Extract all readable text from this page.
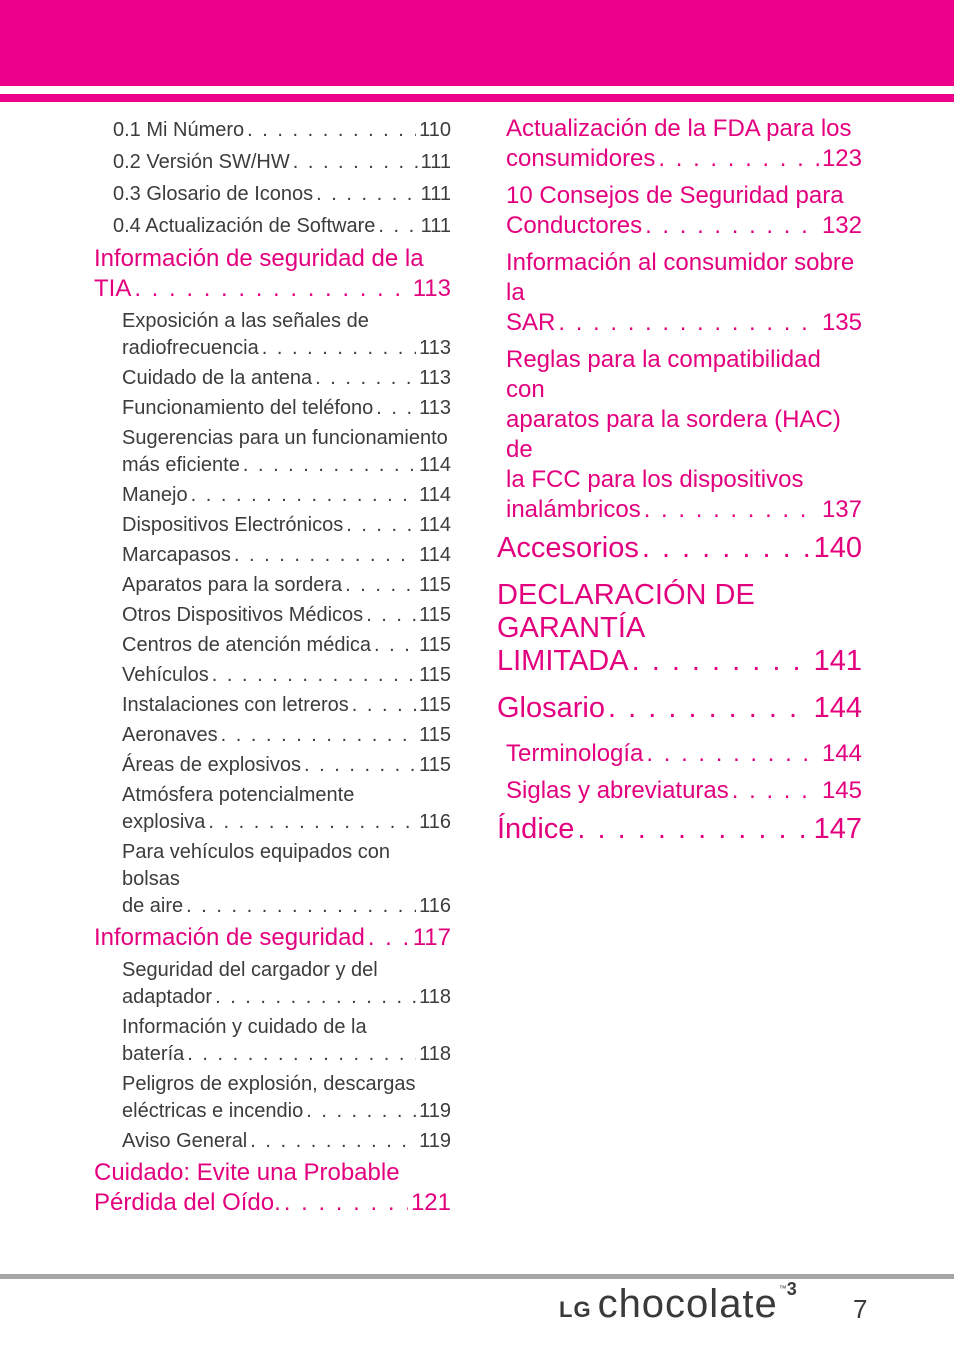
0.1 Mi Número . . .	110
0.2 Versión SW/HW . . .	111
0.3 Glosario de Iconos . . .	111
0.4 Actualización de Software . . . 111
Información de seguridad de la
TIA . . .	113
Exposición a las señales de
radiofrecuencia . . .	113
Cuidado de la antena . . .	113
Funcionamiento del teléfono . . . 113
Sugerencias para un funcionamiento
más eficiente . . .	114
Manejo . . .	114
Dispositivos Electrónicos . . .	114
Marcapasos . . .	114
Aparatos para la sordera . . .	115
Otros Dispositivos Médicos . . .	115
Centros de atención médica . . . 115
Vehículos . . .	115
Instalaciones con letreros . . .	115
Aeronaves . . .	115
Áreas de explosivos . . .	115
Atmósfera potencialmente
explosiva . . .	116
Para vehículos equipados con bolsas
de aire . . .	116
Información de seguridad . . . 117
Seguridad del cargador y del
adaptador . . .	118
Información y cuidado de la
batería . . .	118
Peligros de explosión, descargas
eléctricas e incendio . . .	119
Aviso General . . .	119
Cuidado: Evite una Probable
Pérdida del Oído. . . .	121
Actualización de la FDA para los
consumidores . . .	123
10 Consejos de Seguridad para
Conductores . . .	132
Información al consumidor sobre la
SAR . . .	135
Reglas para la compatibilidad con
aparatos para la sordera (HAC) de
la FCC para los dispositivos
inalámbricos . . .	137
Accesorios . . .	140
DECLARACIÓN DE GARANTÍA
LIMITADA . . .	141
Glosario . . .	144
Terminología . . .	144
Siglas y abreviaturas . . .	145
Índice . . .	147
LG chocolate ™ 3
7
